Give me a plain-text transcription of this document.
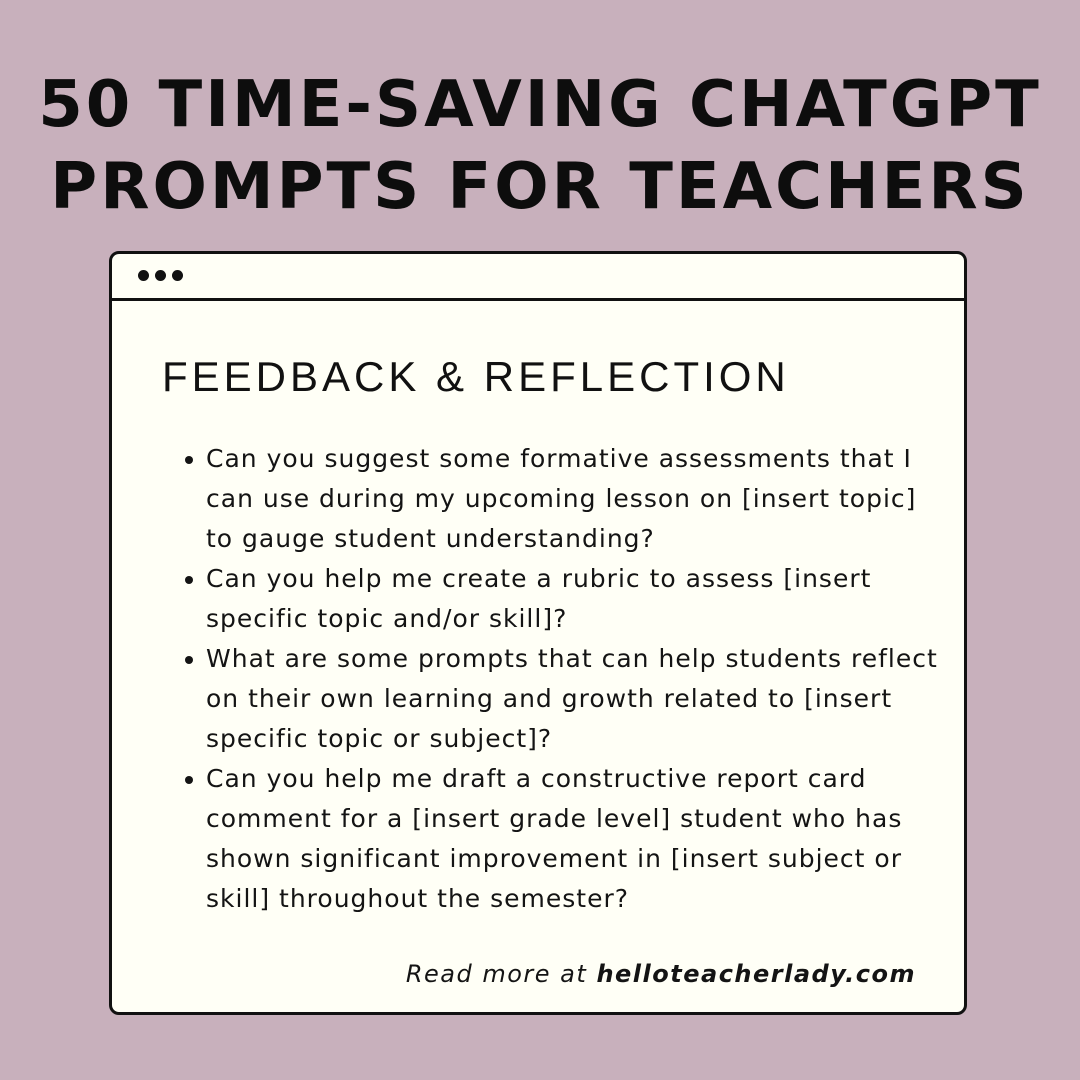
50 TIME-SAVING CHATGPT
PROMPTS FOR TEACHERS
FEEDBACK & REFLECTION
Can you suggest some formative assessments that I can use during my upcoming lesson on [insert topic] to gauge student understanding?
Can you help me create a rubric to assess [insert specific topic and/or skill]?
What are some prompts that can help students reflect on their own learning and growth related to [insert specific topic or subject]?
Can you help me draft a constructive report card comment for a [insert grade level] student who has shown significant improvement in [insert subject or skill] throughout the semester?
Read more at helloteacherlady.com
